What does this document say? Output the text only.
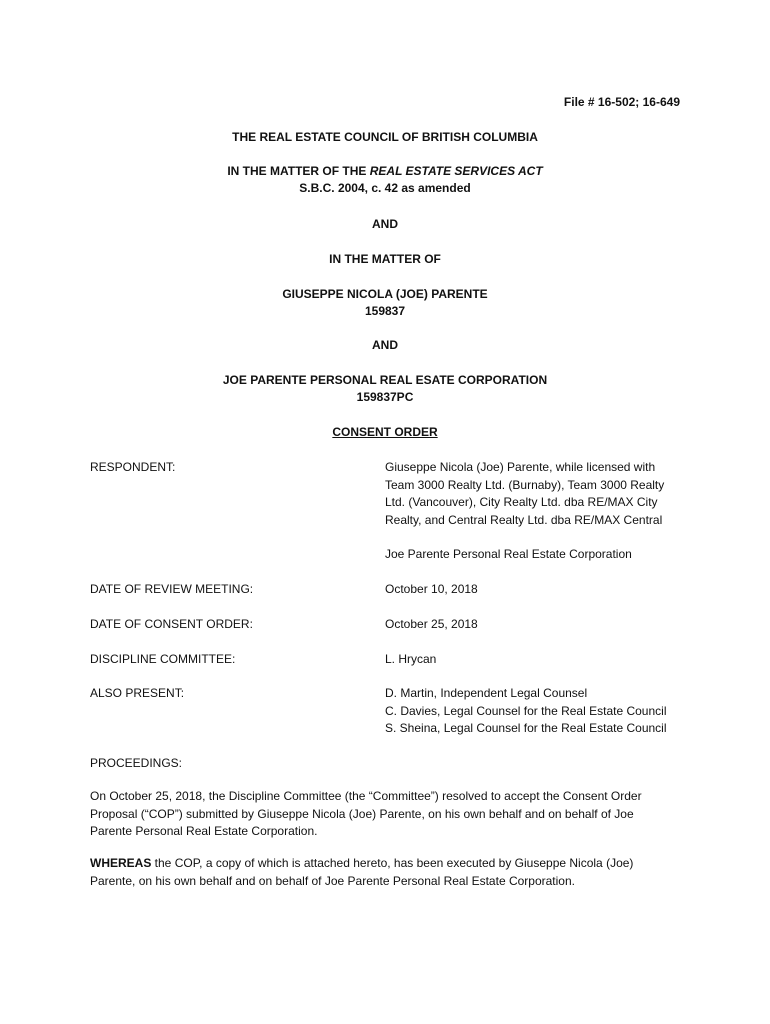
File # 16-502; 16-649
THE REAL ESTATE COUNCIL OF BRITISH COLUMBIA
IN THE MATTER OF THE REAL ESTATE SERVICES ACT
S.B.C. 2004, c. 42 as amended
AND
IN THE MATTER OF
GIUSEPPE NICOLA (JOE) PARENTE
159837
AND
JOE PARENTE PERSONAL REAL ESATE CORPORATION
159837PC
CONSENT ORDER
RESPONDENT:	Giuseppe Nicola (Joe) Parente, while licensed with
Team 3000 Realty Ltd. (Burnaby), Team 3000 Realty
Ltd. (Vancouver), City Realty Ltd. dba RE/MAX City
Realty, and Central Realty Ltd. dba RE/MAX Central
Joe Parente Personal Real Estate Corporation
DATE OF REVIEW MEETING:	October 10, 2018
DATE OF CONSENT ORDER:	October 25, 2018
DISCIPLINE COMMITTEE:	L. Hrycan
ALSO PRESENT:	D. Martin, Independent Legal Counsel
C. Davies, Legal Counsel for the Real Estate Council
S. Sheina, Legal Counsel for the Real Estate Council
PROCEEDINGS:
On October 25, 2018, the Discipline Committee (the “Committee”) resolved to accept the Consent Order
Proposal (“COP”) submitted by Giuseppe Nicola (Joe) Parente, on his own behalf and on behalf of Joe
Parente Personal Real Estate Corporation.
WHEREAS the COP, a copy of which is attached hereto, has been executed by Giuseppe Nicola (Joe)
Parente, on his own behalf and on behalf of Joe Parente Personal Real Estate Corporation.
